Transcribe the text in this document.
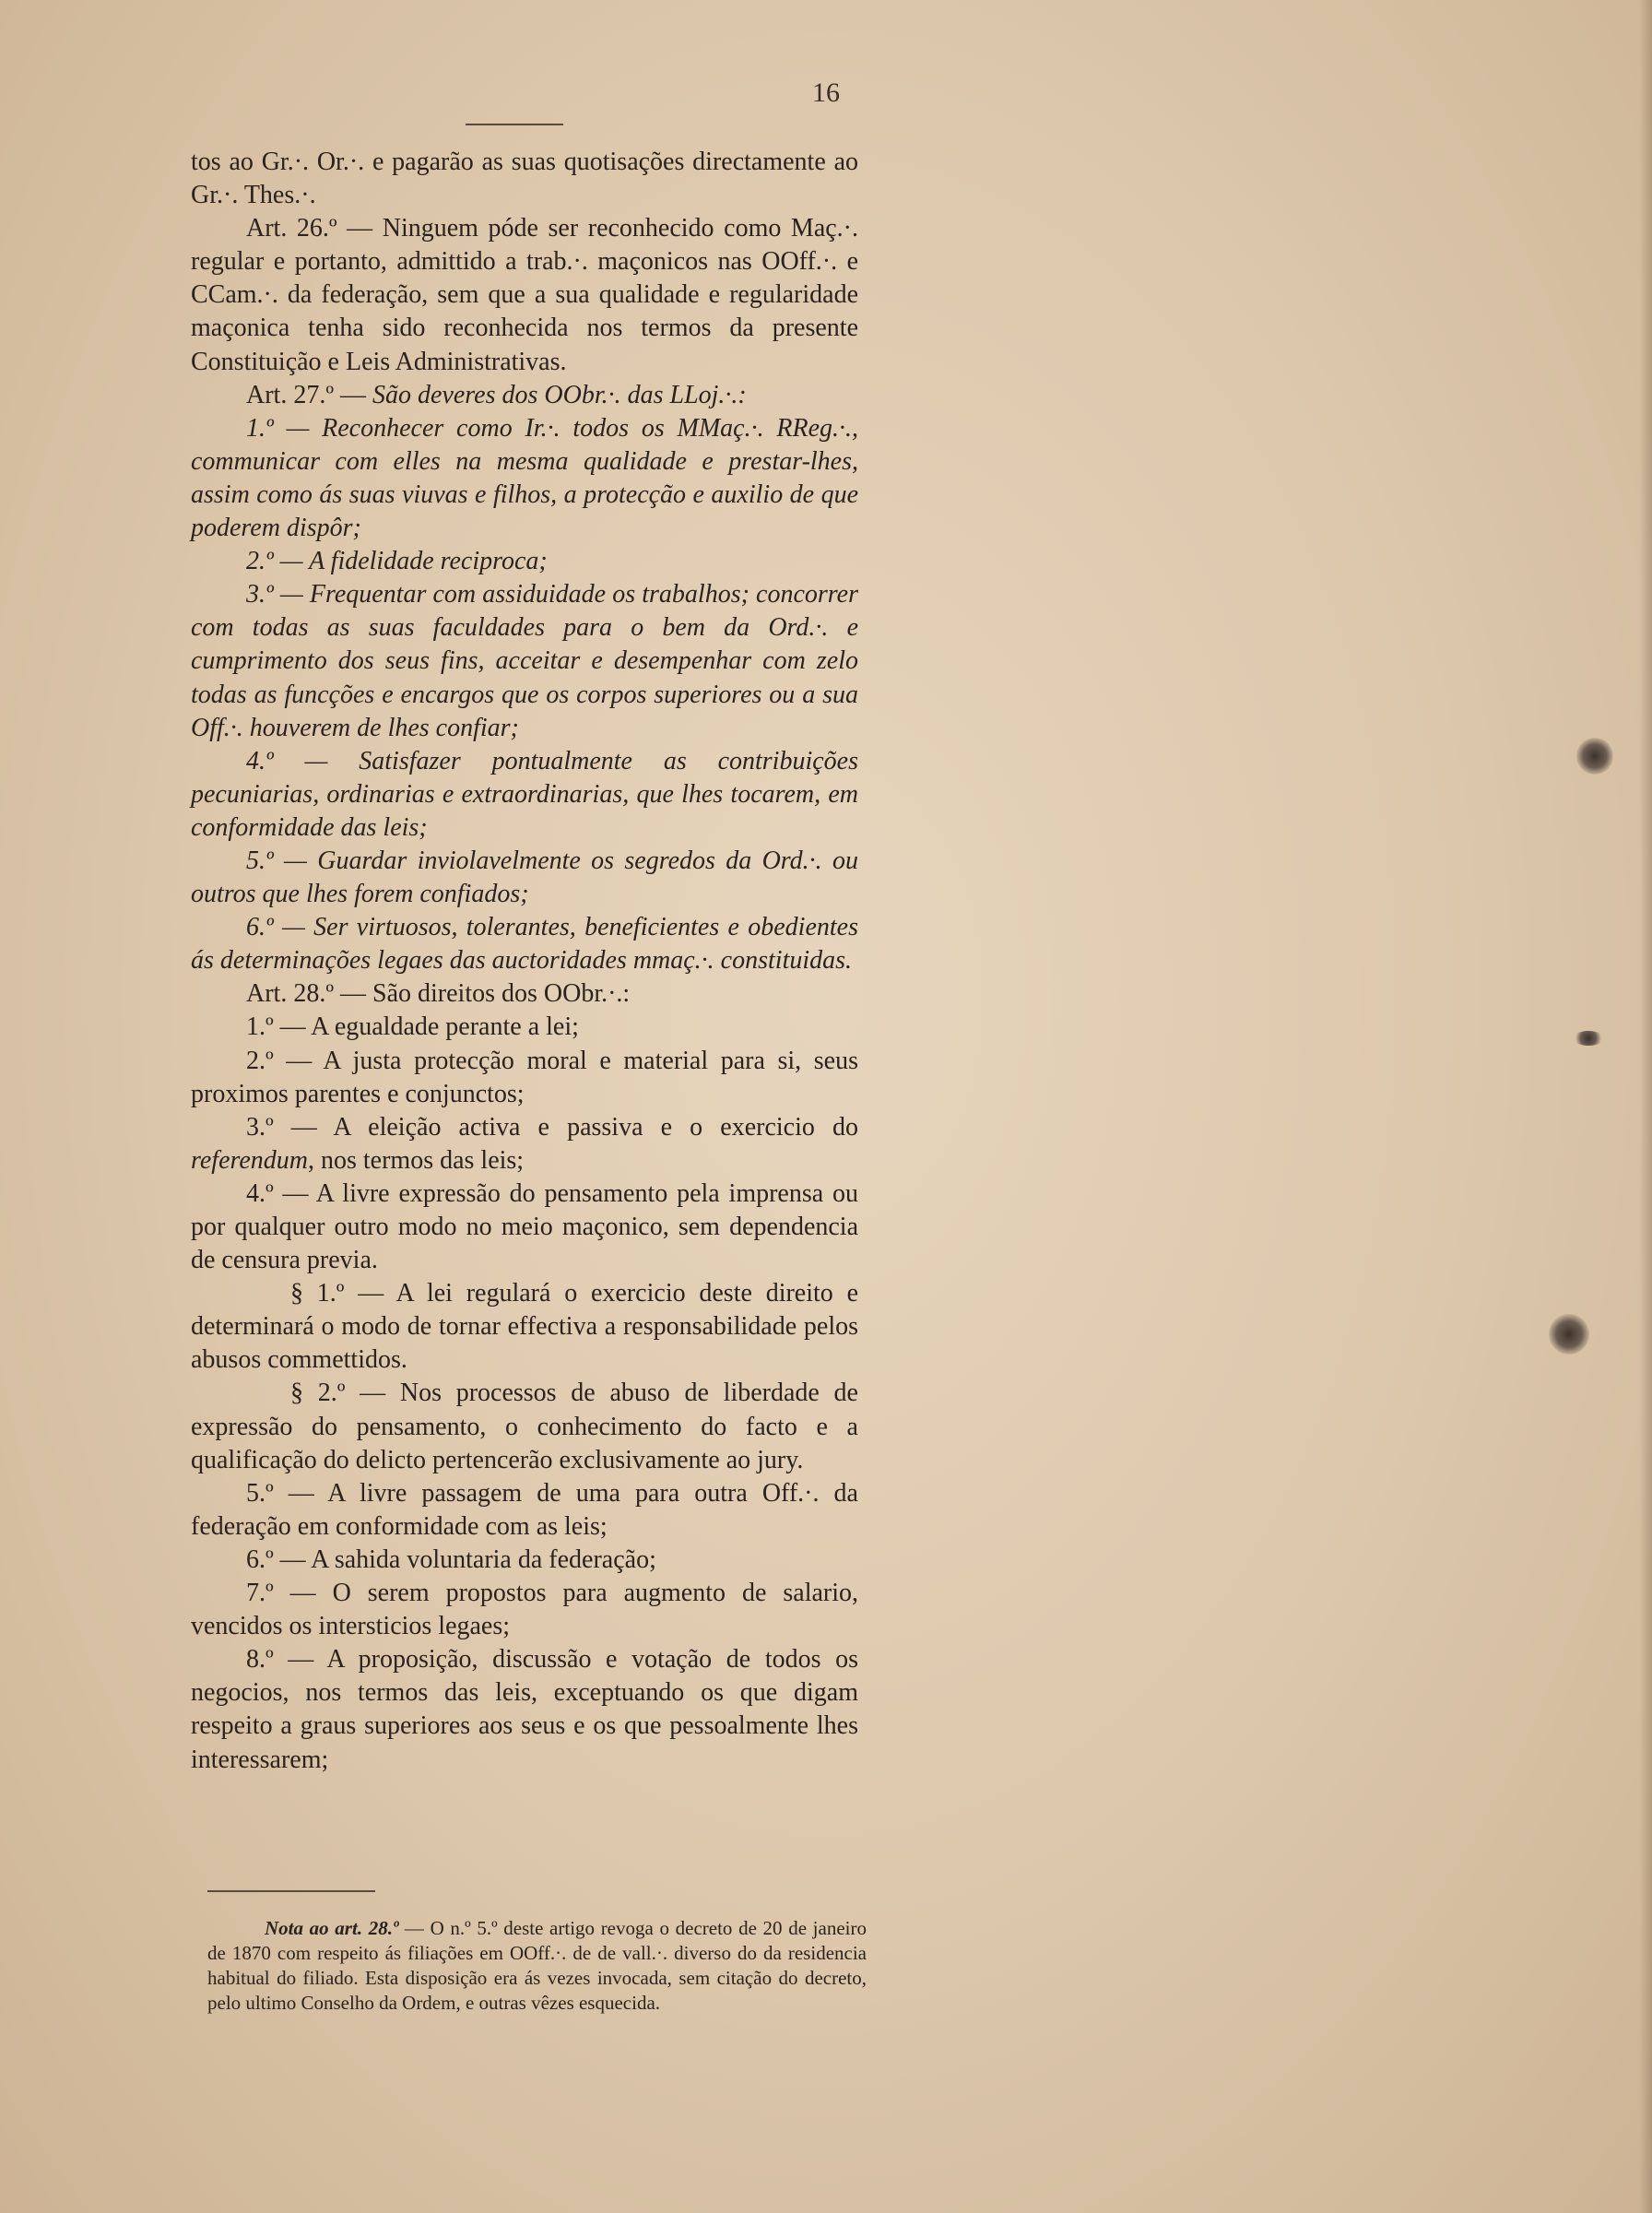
16

tos ao Gr.·. Or.·. e pagarão as suas quotisações directamente ao Gr.·. Thes.·.

Art. 26.º — Ninguem póde ser reconhecido como Maç.·. regular e portanto, admittido a trab.·. maçonicos nas OOff.·. e CCam.·. da federação, sem que a sua qualidade e regularidade maçonica tenha sido reconhecida nos termos da presente Constituição e Leis Administrativas.

Art. 27.º — São deveres dos OObr.·. das LLoj.·.:

1.º — Reconhecer como Ir.·. todos os MMaç.·. RReg.·., communicar com elles na mesma qualidade e prestar-lhes, assim como ás suas viuvas e filhos, a protecção e auxilio de que poderem dispôr;

2.º — A fidelidade reciproca;

3.º — Frequentar com assiduidade os trabalhos; concorrer com todas as suas faculdades para o bem da Ord.·. e cumprimento dos seus fins, acceitar e desempenhar com zelo todas as funcções e encargos que os corpos superiores ou a sua Off.·. houverem de lhes confiar;

4.º — Satisfazer pontualmente as contribuições pecuniarias, ordinarias e extraordinarias, que lhes tocarem, em conformidade das leis;

5.º — Guardar inviolavelmente os segredos da Ord.·. ou outros que lhes forem confiados;

6.º — Ser virtuosos, tolerantes, beneficientes e obedientes ás determinações legaes das auctoridades mmaç.·. constituidas.

Art. 28.º — São direitos dos OObr.·.:

1.º — A egualdade perante a lei;

2.º — A justa protecção moral e material para si, seus proximos parentes e conjunctos;

3.º — A eleição activa e passiva e o exercicio do referendum, nos termos das leis;

4.º — A livre expressão do pensamento pela imprensa ou por qualquer outro modo no meio maçonico, sem dependencia de censura previa.

§ 1.º — A lei regulará o exercicio deste direito e determinará o modo de tornar effectiva a responsabilidade pelos abusos commettidos.

§ 2.º — Nos processos de abuso de liberdade de expressão do pensamento, o conhecimento do facto e a qualificação do delicto pertencerão exclusivamente ao jury.

5.º — A livre passagem de uma para outra Off.·. da federação em conformidade com as leis;

6.º — A sahida voluntaria da federação;

7.º — O serem propostos para augmento de salario, vencidos os intersticios legaes;

8.º — A proposição, discussão e votação de todos os negocios, nos termos das leis, exceptuando os que digam respeito a graus superiores aos seus e os que pessoalmente lhes interessarem;

Nota ao art. 28.º — O n.º 5.º deste artigo revoga o decreto de 20 de janeiro de 1870 com respeito ás filiações em OOff.·. de de vall.·. diverso do da residencia habitual do filiado. Esta disposição era ás vezes invocada, sem citação do decreto, pelo ultimo Conselho da Ordem, e outras vêzes esquecida.
